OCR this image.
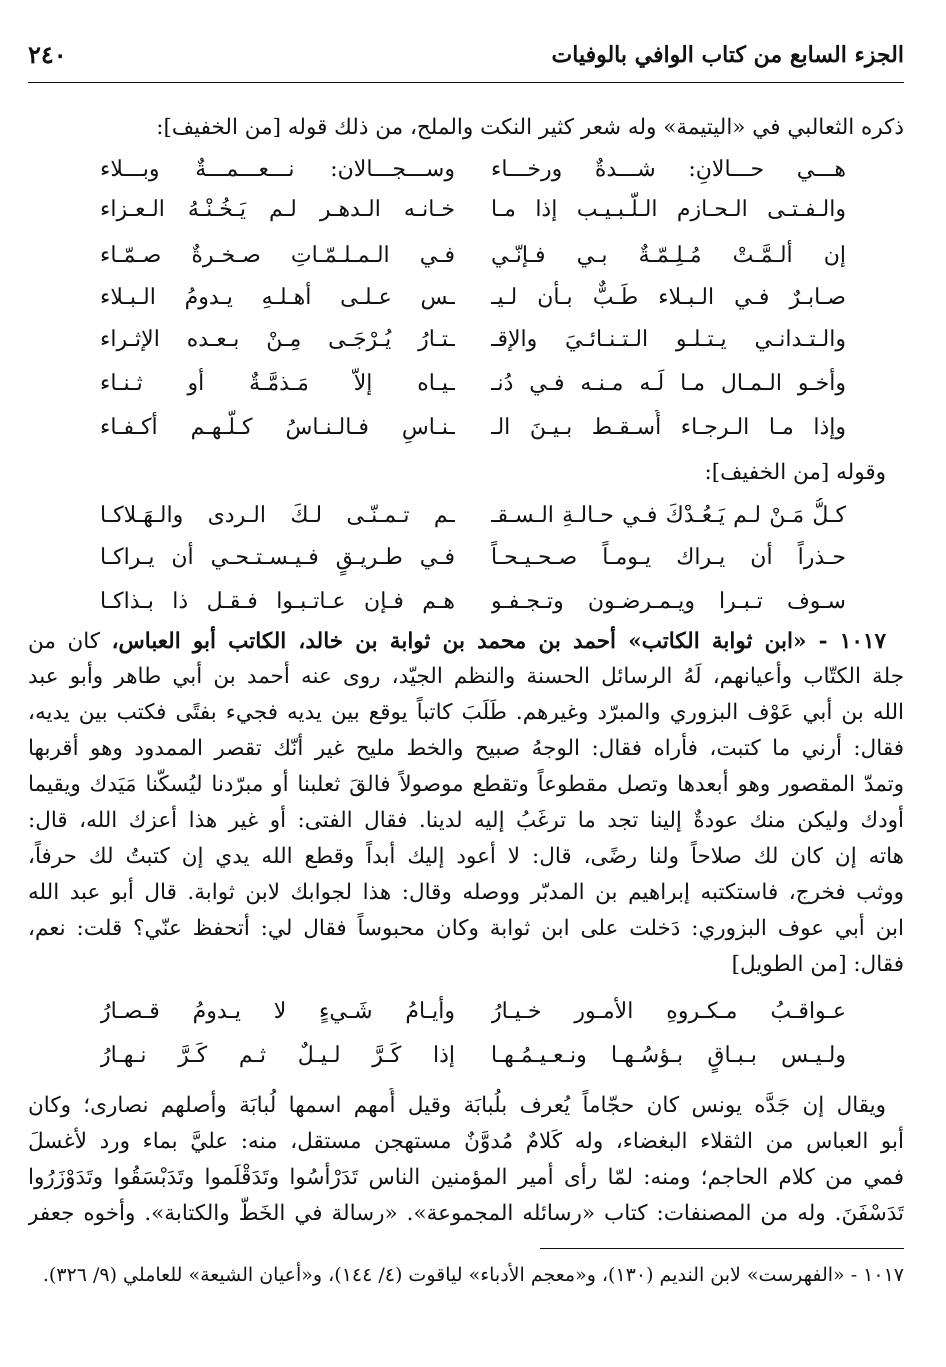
الجزء السابع من كتاب الوافي بالوفيات
٢٤٠
ذكره الثعالبي في «اليتيمة» وله شعر كثير النكت والملح، من ذلك قوله [من الخفيف]:
هـــي حـــالانِ: شـــدةٌ ورخـــاء
وســـجـــالان: نـــعـــمـــةٌ وبـــلاء
والـفـتـى الـحـازم الـلَّـبـيـب إذا مـا
خـانـه الـدهـر لـم يَـخُـنْـهُ الـعـزاء
إن ألـمَّـتْ مُـلِـمّـةٌ بـي فـإنّـي
فـي الـمـلـمّـاتِ صـخـرةٌ صـمّـاء
صـابـرٌ فـي الـبـلاء طَـبٌّ بـأن لـيـ
ـس عـلـى أهـلـهِ يـدومُ الـبـلاء
والـتـدانـي يـتـلـو الـتـنـائـيَ والإقـ
ـتـارُ يُـرْجَـى مِـنْ بـعـده الإثـراء
وأخـو الـمـال مـا لَـه مـنـه فـي دُنـ
ـيـاه إلاّ مَـذمَّـةٌ أو ثـنـاء
وإذا مـا الـرجـاء أُسـقـط بـيـنَ الـ
ـنـاسِ فـالـنـاسُ كـلُّـهـم أكـفـاء
وقوله [من الخفيف]:
كـلُّ مَـنْ لـم يَـعُـدْكَ فـي حـالـةِ الـسـقـ
ـم تـمـنّـى لـكَ الـردى والـهَـلاكـا
حـذراً أن يـراك يـومـاً صـحـيـحـاً
فـي طـريـقٍ فـيـسـتـحـي أن يـراكـا
سـوف تـبـرا ويـمـرضـون وتـجـفـو
هـم فـإن عـاتـبـوا فـقـل ذا بـذاكـا
١٠١٧ - «ابن ثوابة الكاتب» أحمد بن محمد بن ثوابة بن خالد، الكاتب أبو العباس، كان من
جلة الكتّاب وأعيانهم، لَهُ الرسائل الحسنة والنظم الجيّد، روى عنه أحمد بن أبي طاهر وأبو عبد
الله بن أبي عَوْف البزوري والمبرّد وغيرهم. طَلَبَ كاتباً يوقع بين يديه فجيء بفتًى فكتب بين يديه،
فقال: أرني ما كتبت، فأراه فقال: الوجهُ صبيح والخط مليح غير أنّك تقصر الممدود وهو أقربها
وتمدّ المقصور وهو أبعدها وتصل مقطوعاً وتقطع موصولاً فالقَ ثعلبنا أو مبرّدنا ليُسكّنا مَيَدك ويقيما
أودك وليكن منك عودةٌ إلينا تجد ما ترغَبُ إليه لدينا. فقال الفتى: أو غير هذا أعزك الله، قال:
هاته إن كان لك صلاحاً ولنا رضًى، قال: لا أعود إليك أبداً وقطع الله يدي إن كتبتُ لك حرفاً،
ووثب فخرج، فاستكتبه إبراهيم بن المدبّر ووصله وقال: هذا لجوابك لابن ثوابة. قال أبو عبد الله
ابن أبي عوف البزوري: دَخلت على ابن ثوابة وكان محبوساً فقال لي: أتحفظ عنّي؟ قلت: نعم،
فقال: [من الطويل]
عـواقـبُ مـكـروهِ الأمـور خـيـارُ
وأيـامُ شَـيءٍ لا يـدومُ قـصـارُ
ولـيـس بـبـاقٍ بـؤسُـهـا ونـعـيـمُـهـا
إذا كَـرَّ لـيـلٌ ثـم كَـرَّ نـهـارُ
ويقال إن جَدَّه يونس كان حجّاماً يُعرف بلُبابَة وقيل أُمهم اسمها لُبابَة وأصلهم نصارى؛ وكان
أبو العباس من الثقلاء البغضاء، وله كَلامٌ مُدوَّنٌ مستهجن مستقل، منه: عليَّ بماء ورد لأغسلَ
فمي من كلام الحاجم؛ ومنه: لمّا رأى أمير المؤمنين الناس تَدَرْأسُوا وتَدَقْلَموا وتَدَبْسَقُوا وتَدَوْزَرُوا
تَدَسْفَنَ. وله من المصنفات: كتاب «رسائله المجموعة». «رسالة في الخَطّ والكتابة». وأخوه جعفر
١٠١٧ - «الفهرست» لابن النديم (١٣٠)، و«معجم الأدباء» لياقوت (٤/ ١٤٤)، و«أعيان الشيعة» للعاملي (٩/ ٣٢٦).
